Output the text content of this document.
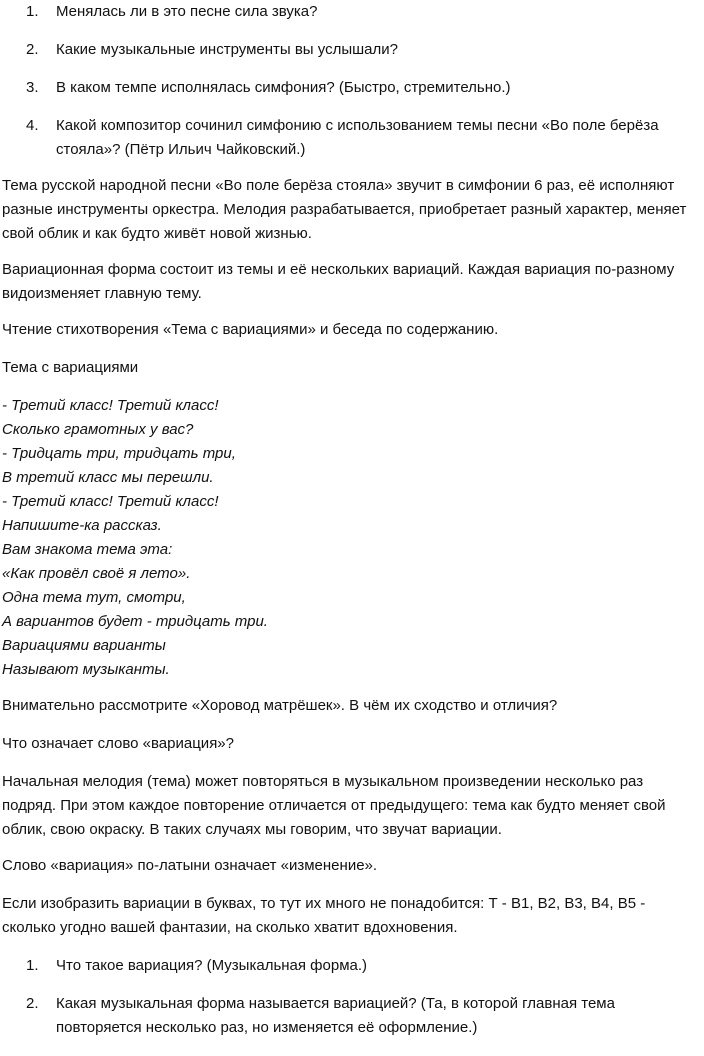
1. Менялась ли в это песне сила звука?
2. Какие музыкальные инструменты вы услышали?
3. В каком темпе исполнялась симфония? (Быстро, стремительно.)
4. Какой композитор сочинил симфонию с использованием темы песни «Во поле берёза стояла»? (Пётр Ильич Чайковский.)

Тема русской народной песни «Во поле берёза стояла» звучит в симфонии 6 раз, её исполняют разные инструменты оркестра. Мелодия разрабатывается, приобретает разный характер, меняет свой облик и как будто живёт новой жизнью.

Вариационная форма состоит из темы и её нескольких вариаций. Каждая вариация по-разному видоизменяет главную тему.

Чтение стихотворения «Тема с вариациями» и беседа по содержанию.

Тема с вариациями

- Третий класс! Третий класс!
Сколько грамотных у вас?
- Тридцать три, тридцать три,
В третий класс мы перешли.
- Третий класс! Третий класс!
Напишите-ка рассказ.
Вам знакома тема эта:
«Как провёл своё я лето».
Одна тема тут, смотри,
А вариантов будет - тридцать три.
Вариациями варианты
Называют музыканты.

Внимательно рассмотрите «Хоровод матрёшек». В чём их сходство и отличия?

Что означает слово «вариация»?

Начальная мелодия (тема) может повторяться в музыкальном произведении несколько раз подряд. При этом каждое повторение отличается от предыдущего: тема как будто меняет свой облик, свою окраску. В таких случаях мы говорим, что звучат вариации.

Слово «вариация» по-латыни означает «изменение».

Если изобразить вариации в буквах, то тут их много не понадобится: Т - В1, В2, В3, В4, В5 - сколько угодно вашей фантазии, на сколько хватит вдохновения.

1. Что такое вариация? (Музыкальная форма.)
2. Какая музыкальная форма называется вариацией? (Та, в которой главная тема повторяется несколько раз, но изменяется её оформление.)
